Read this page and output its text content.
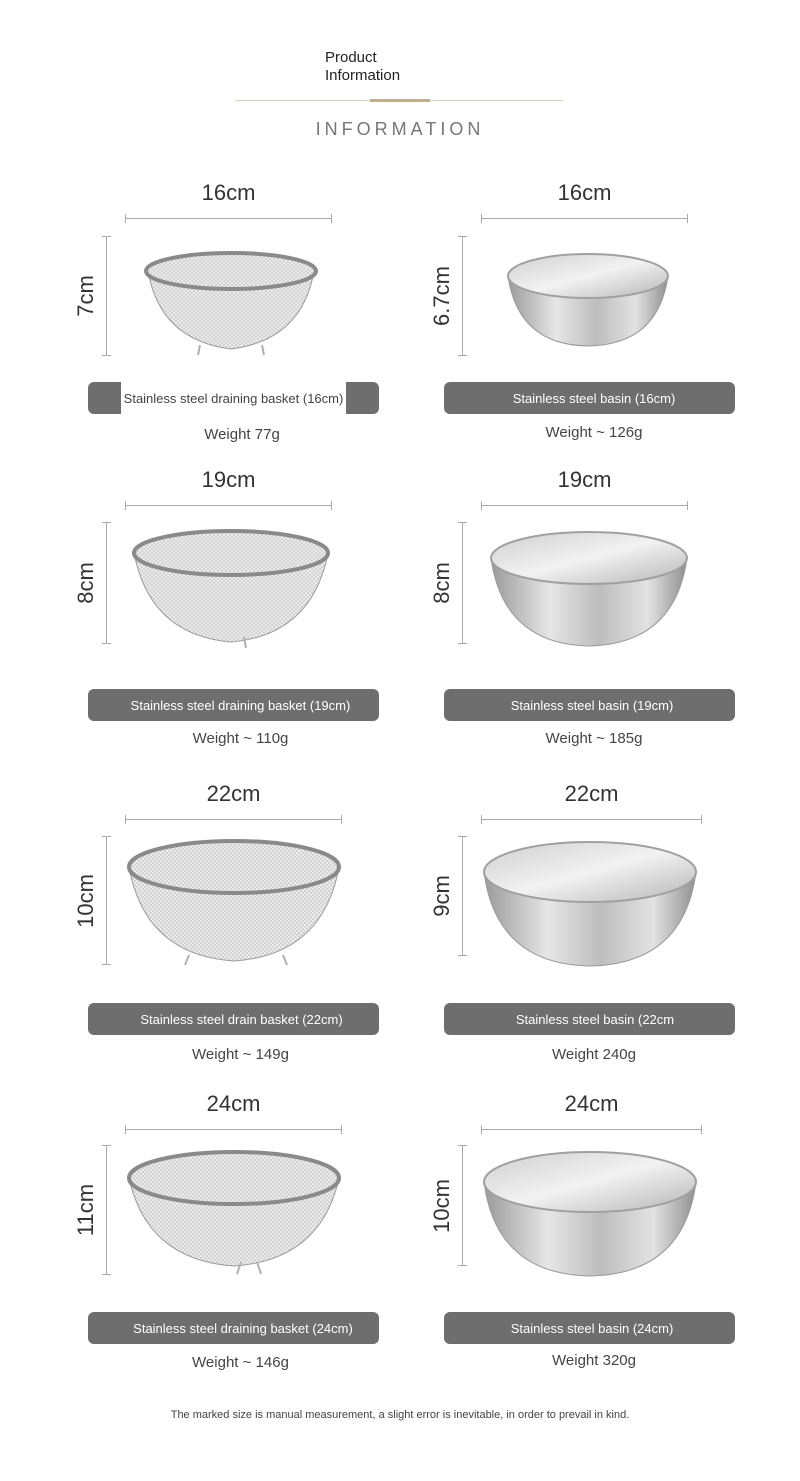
Product
Information
INFORMATION
16cm
7cm
Stainless steel draining basket (16cm)
Weight 77g
16cm
6.7cm
Stainless steel basin (16cm)
Weight ~ 126g
19cm
8cm
Stainless steel draining basket (19cm)
Weight ~ 110g
19cm
8cm
Stainless steel basin (19cm)
Weight ~ 185g
22cm
10cm
Stainless steel drain basket (22cm)
Weight ~ 149g
22cm
9cm
Stainless steel basin (22cm
Weight 240g
24cm
11cm
Stainless steel draining basket (24cm)
Weight ~ 146g
24cm
10cm
Stainless steel basin (24cm)
Weight 320g
The marked size is manual measurement, a slight error is inevitable, in order to prevail in kind.
